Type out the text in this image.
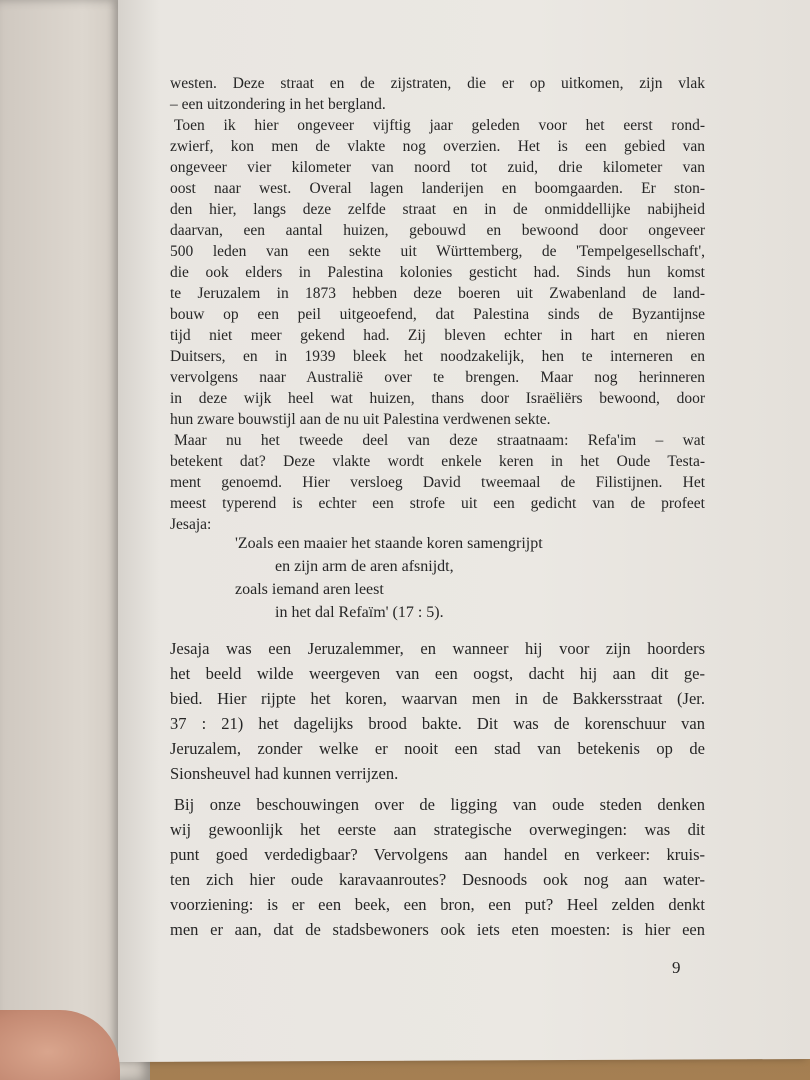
westen. Deze straat en de zijstraten, die er op uitkomen, zijn vlak
– een uitzondering in het bergland.
Toen ik hier ongeveer vijftig jaar geleden voor het eerst rond-
zwierf, kon men de vlakte nog overzien. Het is een gebied van
ongeveer vier kilometer van noord tot zuid, drie kilometer van
oost naar west. Overal lagen landerijen en boomgaarden. Er ston-
den hier, langs deze zelfde straat en in de onmiddellijke nabijheid
daarvan, een aantal huizen, gebouwd en bewoond door ongeveer
500 leden van een sekte uit Württemberg, de 'Tempelgesellschaft',
die ook elders in Palestina kolonies gesticht had. Sinds hun komst
te Jeruzalem in 1873 hebben deze boeren uit Zwabenland de land-
bouw op een peil uitgeoefend, dat Palestina sinds de Byzantijnse
tijd niet meer gekend had. Zij bleven echter in hart en nieren
Duitsers, en in 1939 bleek het noodzakelijk, hen te interneren en
vervolgens naar Australië over te brengen. Maar nog herinneren
in deze wijk heel wat huizen, thans door Israëliërs bewoond, door
hun zware bouwstijl aan de nu uit Palestina verdwenen sekte.
Maar nu het tweede deel van deze straatnaam: Refa'im – wat
betekent dat? Deze vlakte wordt enkele keren in het Oude Testa-
ment genoemd. Hier versloeg David tweemaal de Filistijnen. Het
meest typerend is echter een strofe uit een gedicht van de profeet
Jesaja:
'Zoals een maaier het staande koren samengrijpt
en zijn arm de aren afsnijdt,
zoals iemand aren leest
in het dal Refaïm' (17 : 5).
Jesaja was een Jeruzalemmer, en wanneer hij voor zijn hoorders
het beeld wilde weergeven van een oogst, dacht hij aan dit ge-
bied. Hier rijpte het koren, waarvan men in de Bakkersstraat (Jer.
37 : 21) het dagelijks brood bakte. Dit was de korenschuur van
Jeruzalem, zonder welke er nooit een stad van betekenis op de
Sionsheuvel had kunnen verrijzen.
Bij onze beschouwingen over de ligging van oude steden denken
wij gewoonlijk het eerste aan strategische overwegingen: was dit
punt goed verdedigbaar? Vervolgens aan handel en verkeer: kruis-
ten zich hier oude karavaanroutes? Desnoods ook nog aan water-
voorziening: is er een beek, een bron, een put? Heel zelden denkt
men er aan, dat de stadsbewoners ook iets eten moesten: is hier een
9
